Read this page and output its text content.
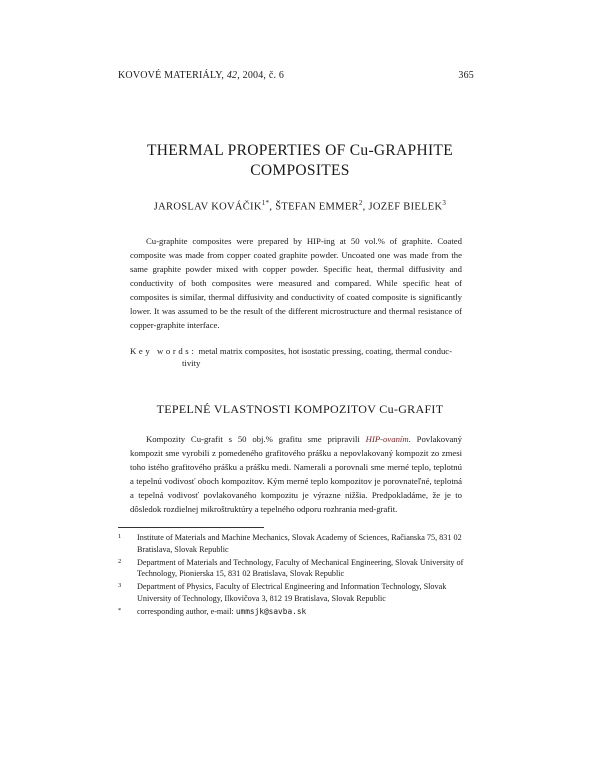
KOVOVÉ MATERIÁLY, 42, 2004, č. 6	365
THERMAL PROPERTIES OF Cu-GRAPHITE
COMPOSITES
JAROSLAV $KOVÁČIK^{1*}$, ŠTEFAN EMMER$^2$, JOZEF BIELEK$^3$

Cu-graphite composites were prepared by HIP-ing at 50 vol.% of graphite. Coated composite was made from copper coated graphite powder. Uncoated one was made from the same graphite powder mixed with copper powder. Specific heat, thermal diffusivity and conductivity of both composites were measured and compared. While specific heat of composites is similar, thermal diffusivity and conductivity of coated composite is significantly lower. It was assumed to be the result of the different microstructure and thermal resistance of copper-graphite interface.

Key words: metal matrix composites, hot isostatic pressing, coating, thermal conduc-
tivity
TEPELNÉ VLASTNOSTI KOMPOZITOV Cu-GRAFIT

Kompozity Cu-grafit s 50 obj.% grafitu sme pripravili HIP-ovaním. Povlakovaný kompozit sme vyrobili z pomedeného grafitového prášku a nepovlakovaný kompozit zo zmesi toho istého grafitového prášku a prášku medi. Namerali a porovnali sme merné teplo, teplotnú a tepelnú vodivosť oboch kompozitov. Kým merné teplo kompozitov je porovnateľné, teplotná a tepelná vodivosť povlakovaného kompozitu je výrazne nižšia. Predpokladáme, že je to dôsledok rozdielnej mikroštruktúry a tepelného odporu rozhrania med-grafit.

1 Institute of Materials and Machine Mechanics, Slovak Academy of Sciences, Račianska 75, 831 02 Bratislava, Slovak Republic
2 Department of Materials and Technology, Faculty of Mechanical Engineering, Slovak University of Technology, Pionierska 15, 831 02 Bratislava, Slovak Republic
3 Department of Physics, Faculty of Electrical Engineering and Information Technology, Slovak University of Technology, Ilkovičova 3, 812 19 Bratislava, Slovak Republic
* corresponding author, e-mail: ummsjk@savba.sk
